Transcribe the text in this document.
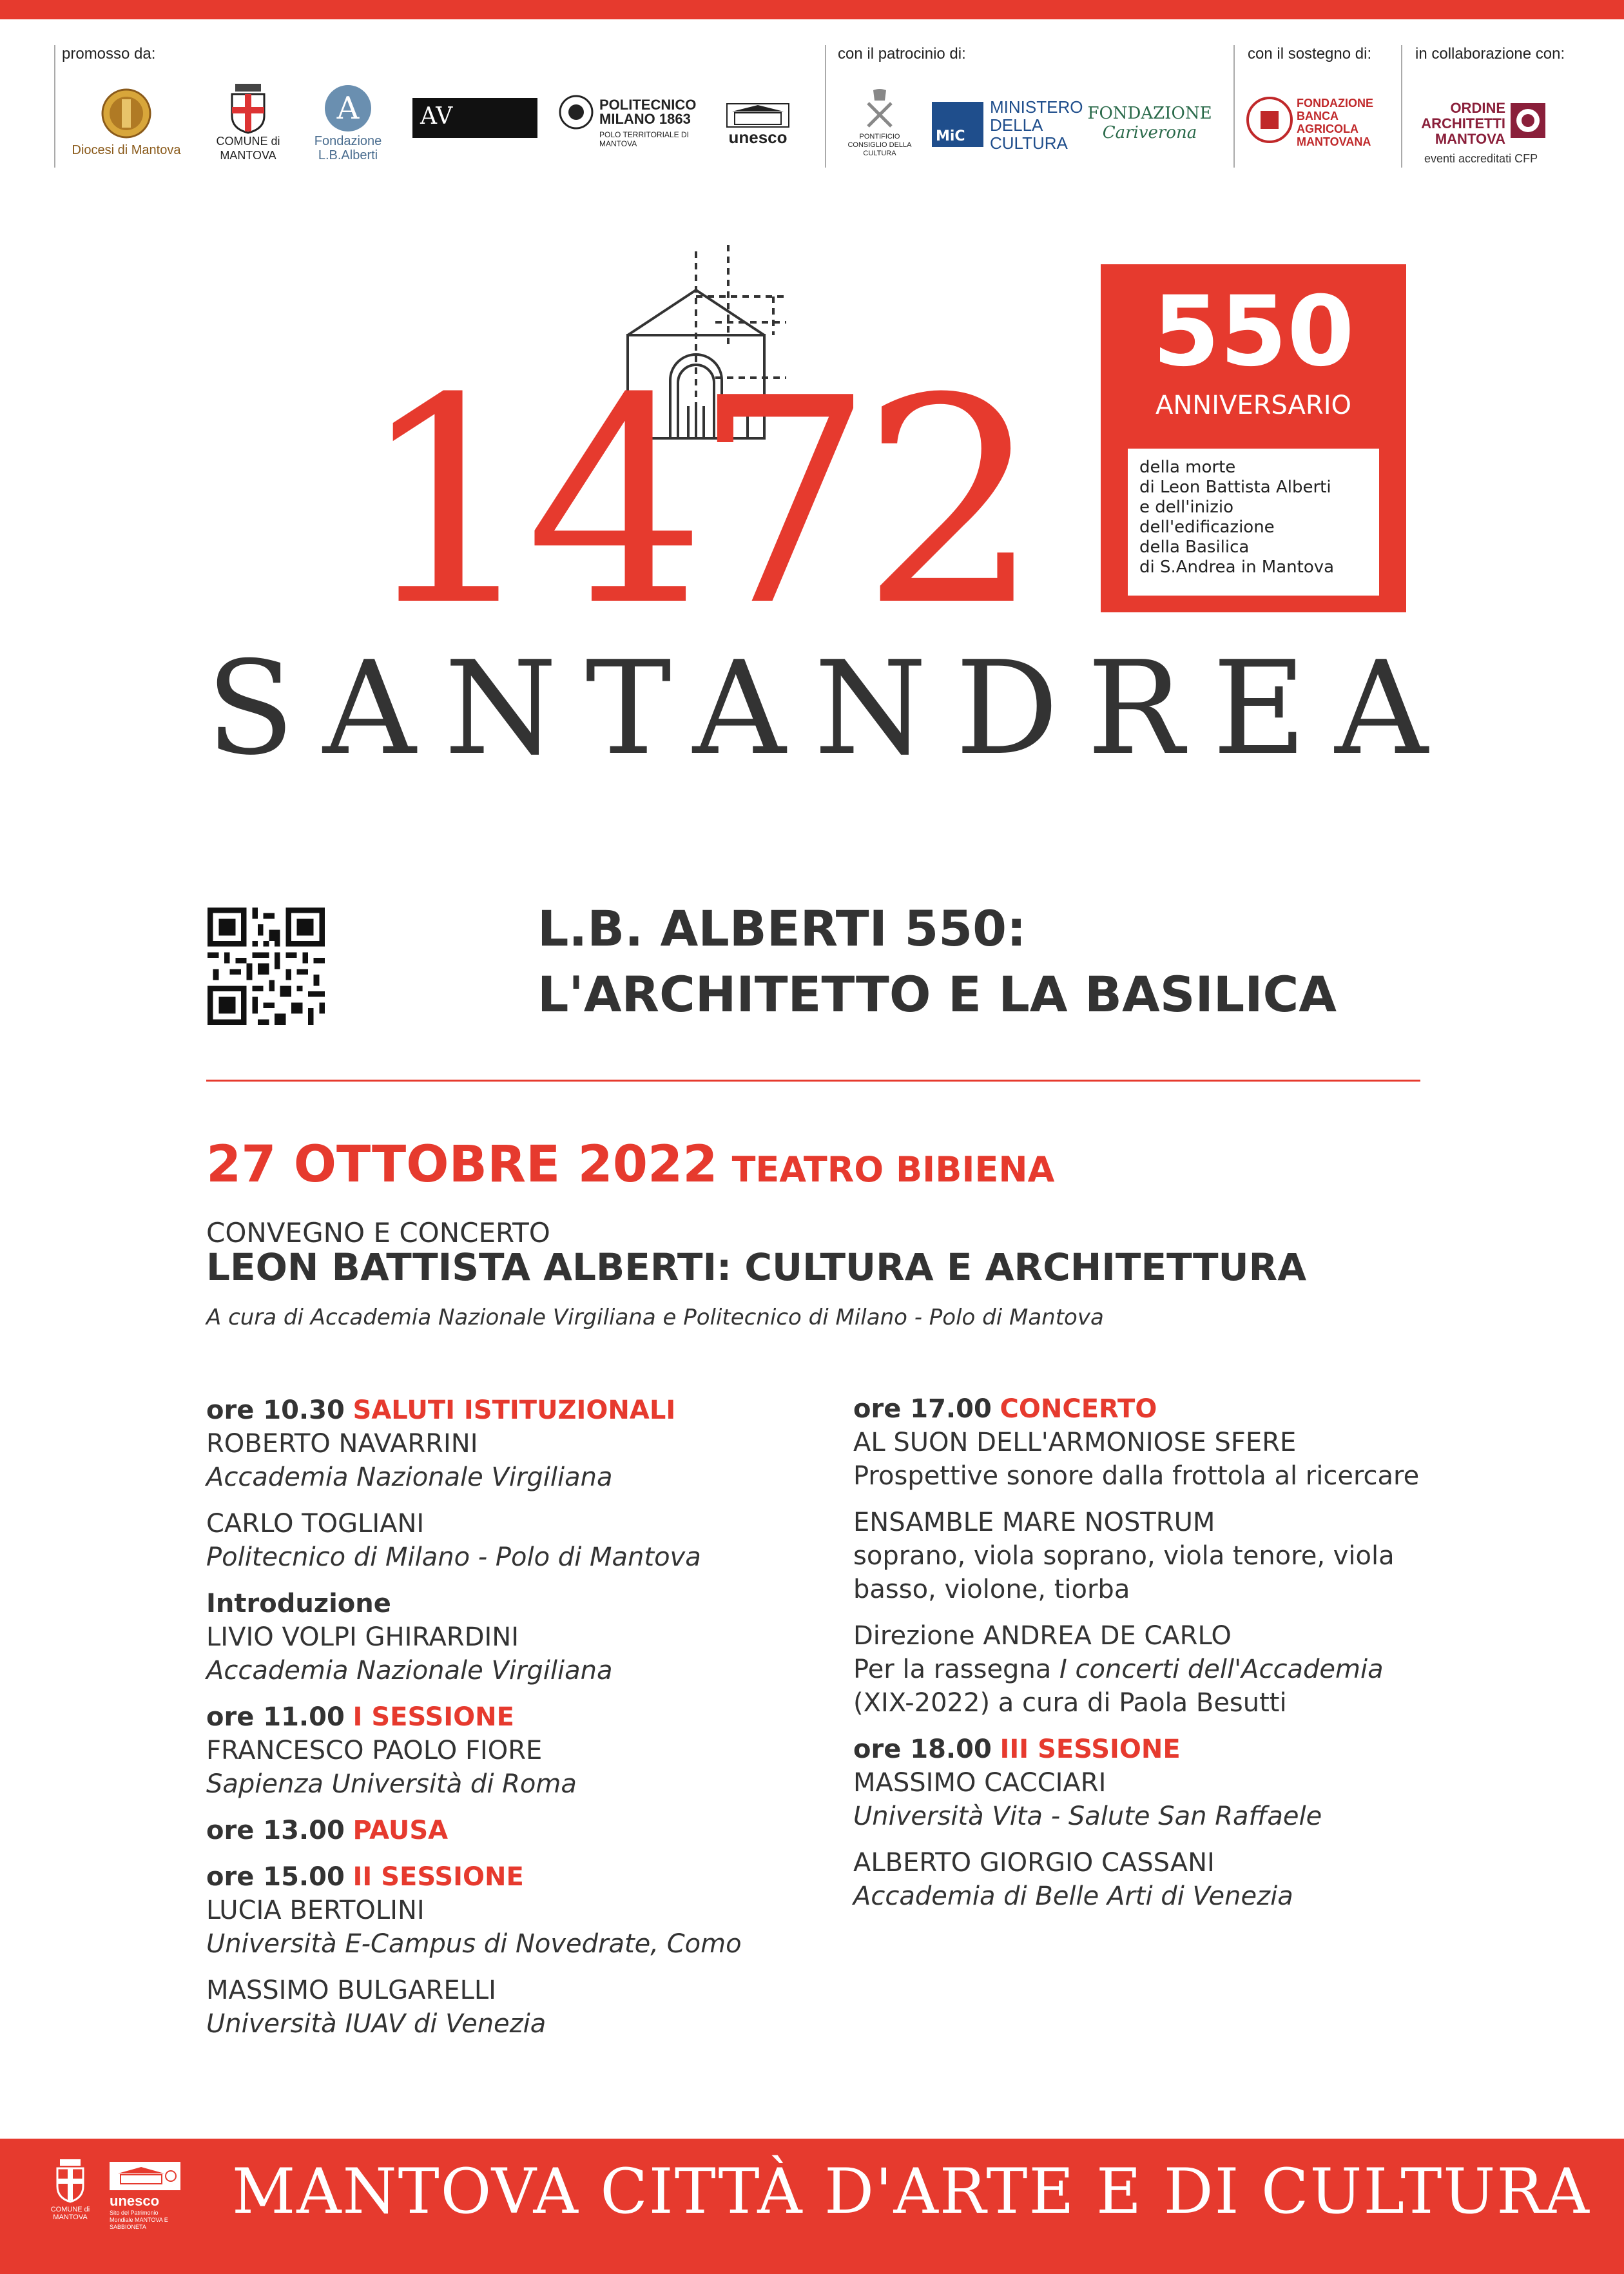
promosso da:	con il patrocinio di:	con il sostegno di:	in collaborazione con:
Diocesi di Mantova
COMUNE di MANTOVA
A
Fondazione L.B.Alberti
AV	POLITECNICO MILANO 1863
POLO TERRITORIALE DI MANTOVA	unesco	PONTIFICIO CONSIGLIO DELLA CULTURA
MiC
MINISTERO DELLA CULTURA
FONDAZIONE
Cariverona
FONDAZIONE BANCA AGRICOLA MANTOVANA
ORDINE ARCHITETTI MANTOVA
eventi accreditati CFP
1472
SANTANDREA
550
ANNIVERSARIO
della morte
di Leon Battista Alberti
e dell'inizio
dell'edificazione
della Basilica
di S.Andrea in Mantova
L.B. ALBERTI 550:
L'ARCHITETTO E LA BASILICA
27 OTTOBRE 2022 TEATRO BIBIENA
CONVEGNO E CONCERTO
LEON BATTISTA ALBERTI: CULTURA E ARCHITETTURA
A cura di Accademia Nazionale Virgiliana e Politecnico di Milano - Polo di Mantova
ore 10.30 SALUTI ISTITUZIONALI
ROBERTO NAVARRINI
Accademia Nazionale Virgiliana
CARLO TOGLIANI
Politecnico di Milano - Polo di Mantova
Introduzione
LIVIO VOLPI GHIRARDINI
Accademia Nazionale Virgiliana
ore 11.00 I SESSIONE
FRANCESCO PAOLO FIORE
Sapienza Università di Roma
ore 13.00 PAUSA
ore 15.00 II SESSIONE
LUCIA BERTOLINI
Università E-Campus di Novedrate, Como
MASSIMO BULGARELLI
Università IUAV di Venezia
ore 17.00 CONCERTO
AL SUON DELL'ARMONIOSE SFERE
Prospettive sonore dalla frottola al ricercare
ENSAMBLE MARE NOSTRUM
soprano, viola soprano, viola tenore, viola
basso, violone, tiorba
Direzione ANDREA DE CARLO
Per la rassegna I concerti dell'Accademia
(XIX-2022) a cura di Paola Besutti
ore 18.00 III SESSIONE
MASSIMO CACCIARI
Università Vita - Salute San Raffaele
ALBERTO GIORGIO CASSANI
Accademia di Belle Arti di Venezia
COMUNE di MANTOVA
unesco
Sito del Patrimonio Mondiale MANTOVA E SABBIONETA	MANTOVA CITTÀ D'ARTE E DI CULTURA
